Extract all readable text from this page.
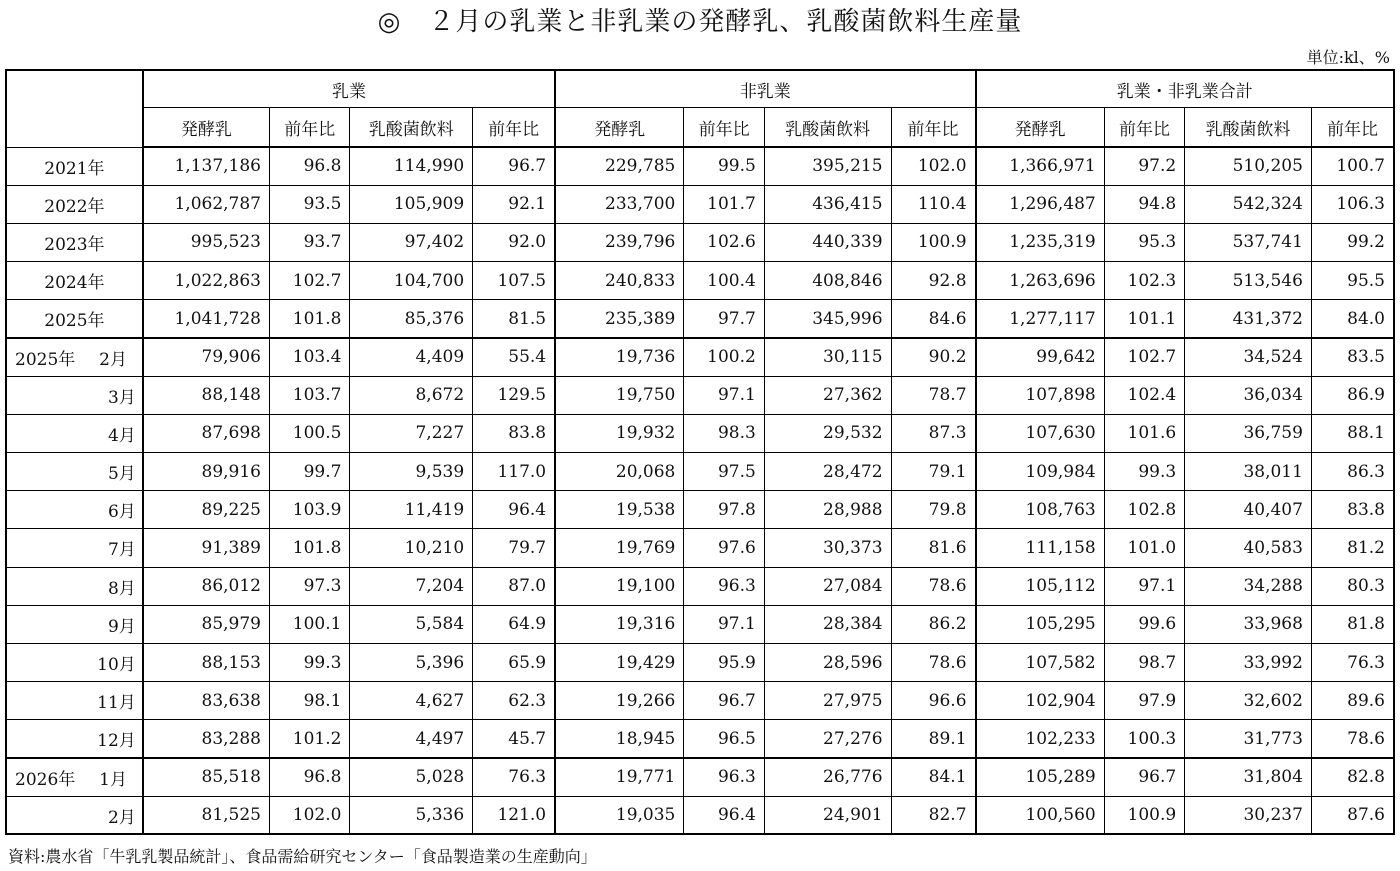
◎　２月の乳業と非乳業の発酵乳、乳酸菌飲料生産量
単位:kl、%
	乳業				非乳業				乳業・非乳業合計			
	発酵乳	前年比	乳酸菌飲料	前年比	発酵乳	前年比	乳酸菌飲料	前年比	発酵乳	前年比	乳酸菌飲料	前年比
2021年	1,137,186	96.8	114,990	96.7	229,785	99.5	395,215	102.0	1,366,971	97.2	510,205	100.7
2022年	1,062,787	93.5	105,909	92.1	233,700	101.7	436,415	110.4	1,296,487	94.8	542,324	106.3
2023年	995,523	93.7	97,402	92.0	239,796	102.6	440,339	100.9	1,235,319	95.3	537,741	99.2
2024年	1,022,863	102.7	104,700	107.5	240,833	100.4	408,846	92.8	1,263,696	102.3	513,546	95.5
2025年	1,041,728	101.8	85,376	81.5	235,389	97.7	345,996	84.6	1,277,117	101.1	431,372	84.0
2025年 2月	79,906	103.4	4,409	55.4	19,736	100.2	30,115	90.2	99,642	102.7	34,524	83.5
3月	88,148	103.7	8,672	129.5	19,750	97.1	27,362	78.7	107,898	102.4	36,034	86.9
4月	87,698	100.5	7,227	83.8	19,932	98.3	29,532	87.3	107,630	101.6	36,759	88.1
5月	89,916	99.7	9,539	117.0	20,068	97.5	28,472	79.1	109,984	99.3	38,011	86.3
6月	89,225	103.9	11,419	96.4	19,538	97.8	28,988	79.8	108,763	102.8	40,407	83.8
7月	91,389	101.8	10,210	79.7	19,769	97.6	30,373	81.6	111,158	101.0	40,583	81.2
8月	86,012	97.3	7,204	87.0	19,100	96.3	27,084	78.6	105,112	97.1	34,288	80.3
9月	85,979	100.1	5,584	64.9	19,316	97.1	28,384	86.2	105,295	99.6	33,968	81.8
10月	88,153	99.3	5,396	65.9	19,429	95.9	28,596	78.6	107,582	98.7	33,992	76.3
11月	83,638	98.1	4,627	62.3	19,266	96.7	27,975	96.6	102,904	97.9	32,602	89.6
12月	83,288	101.2	4,497	45.7	18,945	96.5	27,276	89.1	102,233	100.3	31,773	78.6
2026年 1月	85,518	96.8	5,028	76.3	19,771	96.3	26,776	84.1	105,289	96.7	31,804	82.8
2月	81,525	102.0	5,336	121.0	19,035	96.4	24,901	82.7	100,560	100.9	30,237	87.6
資料:農水省「牛乳乳製品統計」、食品需給研究センター「食品製造業の生産動向」
